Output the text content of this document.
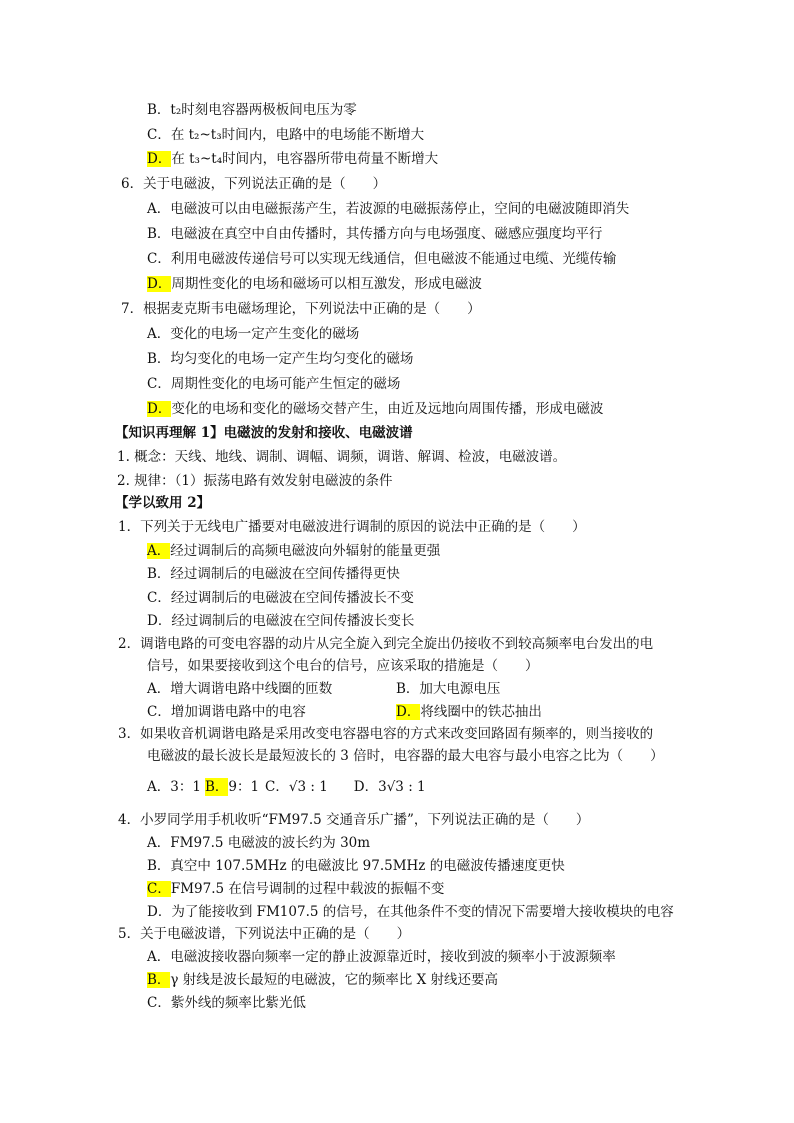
B．t₂时刻电容器两极板间电压为零
C．在 t₂~t₃时间内，电路中的电场能不断增大
D．在 t₃~t₄时间内，电容器所带电荷量不断增大
6．关于电磁波，下列说法正确的是（　　）
A．电磁波可以由电磁振荡产生，若波源的电磁振荡停止，空间的电磁波随即消失
B．电磁波在真空中自由传播时，其传播方向与电场强度、磁感应强度均平行
C．利用电磁波传递信号可以实现无线通信，但电磁波不能通过电缆、光缆传输
D．周期性变化的电场和磁场可以相互激发，形成电磁波
7．根据麦克斯韦电磁场理论，下列说法中正确的是（　　）
A．变化的电场一定产生变化的磁场
B．均匀变化的电场一定产生均匀变化的磁场
C．周期性变化的电场可能产生恒定的磁场
D．变化的电场和变化的磁场交替产生，由近及远地向周围传播，形成电磁波
【知识再理解 1】电磁波的发射和接收、电磁波谱
1. 概念：天线、地线、调制、调幅、调频，调谐、解调、检波，电磁波谱。
2. 规律：（1）振荡电路有效发射电磁波的条件
【学以致用 2】
1．下列关于无线电广播要对电磁波进行调制的原因的说法中正确的是（　　）
A．经过调制后的高频电磁波向外辐射的能量更强
B．经过调制后的电磁波在空间传播得更快
C．经过调制后的电磁波在空间传播波长不变
D．经过调制后的电磁波在空间传播波长变长
2．调谐电路的可变电容器的动片从完全旋入到完全旋出仍接收不到较高频率电台发出的电
信号，如果要接收到这个电台的信号，应该采取的措施是（　　）
A．增大调谐电路中线圈的匝数	B．加大电源电压
C．增加调谐电路中的电容	D．将线圈中的铁芯抽出
3．如果收音机调谐电路是采用改变电容器电容的方式来改变回路固有频率的，则当接收的
电磁波的最长波长是最短波长的 3 倍时，电容器的最大电容与最小电容之比为（　　）
A．3：1 B．9：1 C．√3 : 1 D．3√3 : 1
4．小罗同学用手机收听“FM97.5 交通音乐广播”，下列说法正确的是（　　）
A．FM97.5 电磁波的波长约为 30m
B．真空中 107.5MHz 的电磁波比 97.5MHz 的电磁波传播速度更快
C．FM97.5 在信号调制的过程中载波的振幅不变
D．为了能接收到 FM107.5 的信号，在其他条件不变的情况下需要增大接收模块的电容
5．关于电磁波谱，下列说法中正确的是（　　）
A．电磁波接收器向频率一定的静止波源靠近时，接收到波的频率小于波源频率
B．γ 射线是波长最短的电磁波，它的频率比 X 射线还要高
C．紫外线的频率比紫光低
